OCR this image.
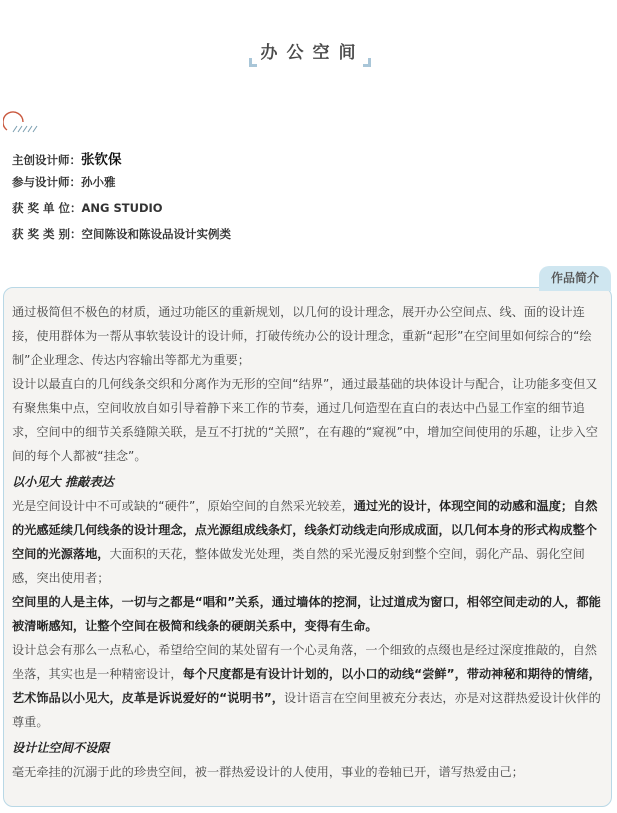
办公空间
主创设计师： 张钦保
参与设计师： 孙小雅
获 奖 单 位： ANG STUDIO
获 奖 类 别： 空间陈设和陈设品设计实例类
作品简介

通过极简但不极色的材质，通过功能区的重新规划，以几何的设计理念，展开办公空间点、线、面的设计连接，使用群体为一帮从事软装设计的设计师，打破传统办公的设计理念，重新“起形”在空间里如何综合的“绘制”企业理念、传达内容输出等都尤为重要；

设计以最直白的几何线条交织和分离作为无形的空间“结界”，通过最基础的块体设计与配合，让功能多变但又有聚焦集中点，空间收放自如引导着静下来工作的节奏，通过几何造型在直白的表达中凸显工作室的细节追求，空间中的细节关系缝隙关联，是互不打扰的“关照”，在有趣的“窥视”中，增加空间使用的乐趣，让步入空间的每个人都被“挂念”。

以小见大 推敲表达

光是空间设计中不可或缺的“硬件”，原始空间的自然采光较差，通过光的设计，体现空间的动感和温度；自然的光感延续几何线条的设计理念，点光源组成线条灯，线条灯动线走向形成成面，以几何本身的形式构成整个空间的光源落地，大面积的天花，整体做发光处理，类自然的采光漫反射到整个空间，弱化产品、弱化空间感，突出使用者；

空间里的人是主体，一切与之都是“唱和”关系，通过墙体的挖洞，让过道成为窗口，相邻空间走动的人，都能被清晰感知，让整个空间在极简和线条的硬朗关系中，变得有生命。

设计总会有那么一点私心，希望给空间的某处留有一个心灵角落，一个细致的点缀也是经过深度推敲的，自然坐落，其实也是一种精密设计，每个尺度都是有设计计划的，以小口的动线“尝鲜”，带动神秘和期待的情绪，艺术饰品以小见大，皮革是诉说爱好的“说明书”，设计语言在空间里被充分表达，亦是对这群热爱设计伙伴的尊重。

设计让空间不设限

毫无牵挂的沉溺于此的珍贵空间，被一群热爱设计的人使用，事业的卷轴已开，谱写热爱由己；
